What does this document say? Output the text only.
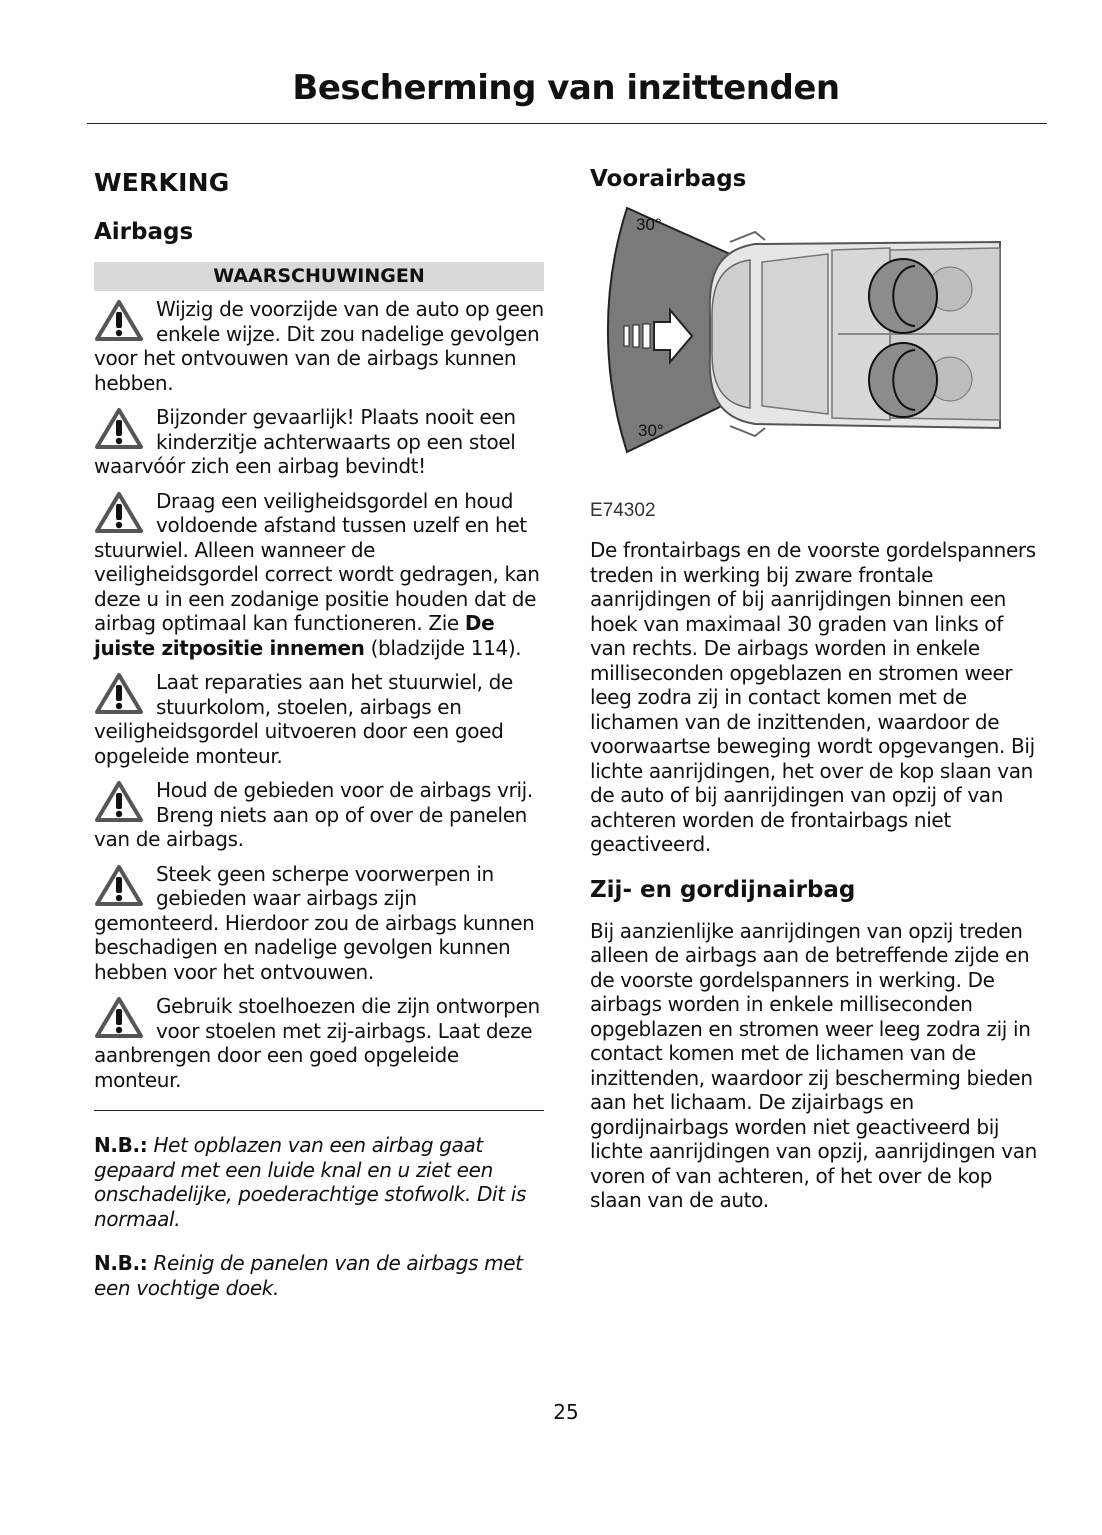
Bescherming van inzittenden
WERKING
Airbags
WAARSCHUWINGEN
Wijzig de voorzijde van de auto op geen enkele wijze. Dit zou nadelige gevolgen voor het ontvouwen van de airbags kunnen hebben.
Bijzonder gevaarlijk! Plaats nooit een kinderzitje achterwaarts op een stoel waarvóór zich een airbag bevindt!
Draag een veiligheidsgordel en houd voldoende afstand tussen uzelf en het stuurwiel. Alleen wanneer de veiligheidsgordel correct wordt gedragen, kan deze u in een zodanige positie houden dat de airbag optimaal kan functioneren. Zie De juiste zitpositie innemen (bladzijde 114).
Laat reparaties aan het stuurwiel, de stuurkolom, stoelen, airbags en veiligheidsgordel uitvoeren door een goed opgeleide monteur.
Houd de gebieden voor de airbags vrij. Breng niets aan op of over de panelen van de airbags.
Steek geen scherpe voorwerpen in gebieden waar airbags zijn gemonteerd. Hierdoor zou de airbags kunnen beschadigen en nadelige gevolgen kunnen hebben voor het ontvouwen.
Gebruik stoelhoezen die zijn ontworpen voor stoelen met zij-airbags. Laat deze aanbrengen door een goed opgeleide monteur.

N.B.: Het opblazen van een airbag gaat gepaard met een luide knal en u ziet een onschadelijke, poederachtige stofwolk. Dit is normaal.

N.B.: Reinig de panelen van de airbags met een vochtige doek.

Voorairbags
30°
30°
E74302

De frontairbags en de voorste gordelspanners treden in werking bij zware frontale aanrijdingen of bij aanrijdingen binnen een hoek van maximaal 30 graden van links of van rechts. De airbags worden in enkele milliseconden opgeblazen en stromen weer leeg zodra zij in contact komen met de lichamen van de inzittenden, waardoor de voorwaartse beweging wordt opgevangen. Bij lichte aanrijdingen, het over de kop slaan van de auto of bij aanrijdingen van opzij of van achteren worden de frontairbags niet geactiveerd.

Zij- en gordijnairbag

Bij aanzienlijke aanrijdingen van opzij treden alleen de airbags aan de betreffende zijde en de voorste gordelspanners in werking. De airbags worden in enkele milliseconden opgeblazen en stromen weer leeg zodra zij in contact komen met de lichamen van de inzittenden, waardoor zij bescherming bieden aan het lichaam. De zijairbags en gordijnairbags worden niet geactiveerd bij lichte aanrijdingen van opzij, aanrijdingen van voren of van achteren, of het over de kop slaan van de auto.

25
